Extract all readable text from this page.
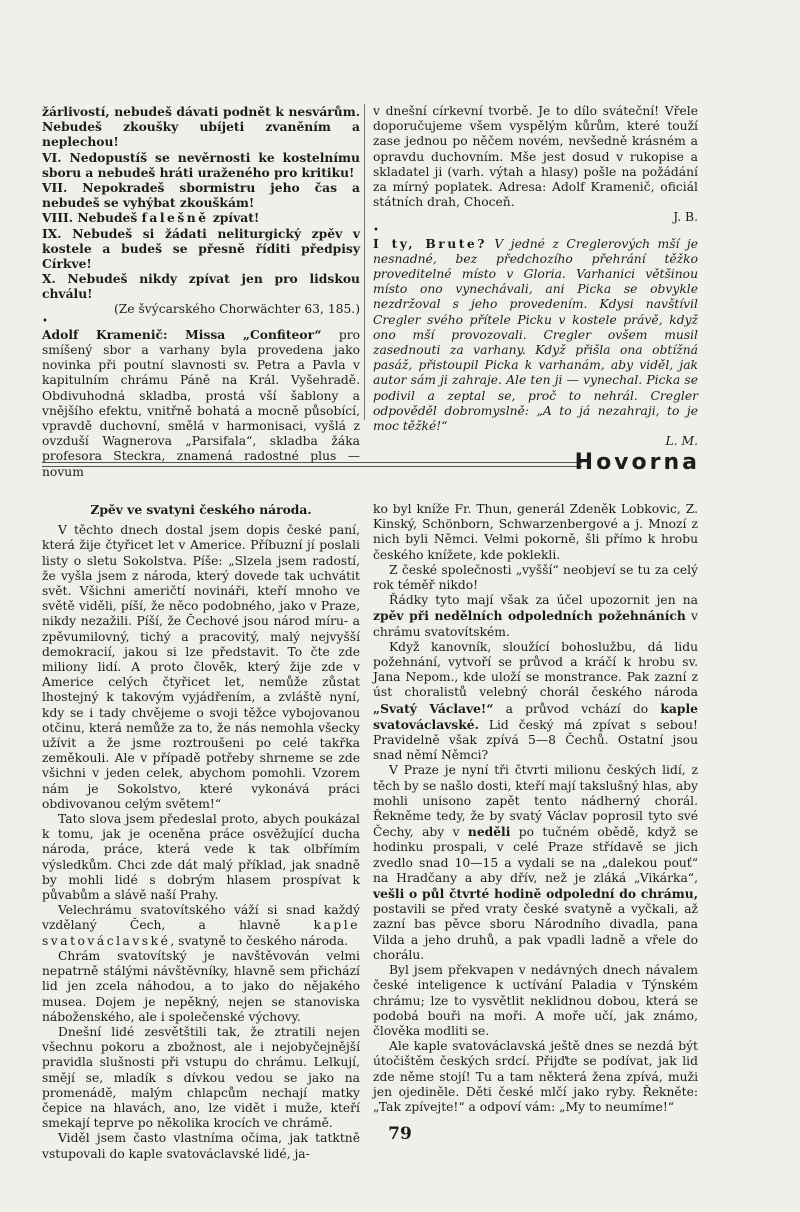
žárlivostí, nebudeš dávati podnět k nesvárům. Nebudeš zkoušky ubíjeti zvaněním a neplechou!

VI. Nedopustíš se nevěrnosti ke kostelnímu sboru a nebudeš hráti uraženého pro kritiku!

VII. Nepokradeš sbormistru jeho čas a nebudeš se vyhýbat zkouškám!

VIII. Nebudeš falešně zpívat!

IX. Nebudeš si žádati neliturgický zpěv v kostele a budeš se přesně říditi předpisy Církve!

X. Nebudeš nikdy zpívat jen pro lidskou chválu!

(Ze švýcarského Chorwächter 63, 185.)

•

Adolf Kramenič: Missa „Confiteor“ pro smíšený sbor a varhany byla provedena jako novinka při poutní slavnosti sv. Petra a Pavla v kapitulním chrámu Páně na Král. Vyšehradě. Obdivuhodná skladba, prostá vší šablony a vnějšího efektu, vnitřně bohatá a mocně působící, vpravdě duchovní, smělá v harmonisaci, vyšlá z ovzduší Wagnerova „Parsifala“, skladba žáka profesora Steckra, znamená radostné plus — novum

v dnešní církevní tvorbě. Je to dílo sváteční! Vřele doporučujeme všem vyspělým kůrům, které touží zase jednou po něčem novém, nevšedně krásném a opravdu duchovním. Mše jest dosud v rukopise a skladatel ji (varh. výtah a hlasy) pošle na požádání za mírný poplatek. Adresa: Adolf Kramenič, oficiál státních drah, Choceň.

J. B.

•

I ty, Brute? V jedné z Creglerových mší je nesnadné, bez předchozího přehrání těžko proveditelné místo v Gloria. Varhanici většinou místo ono vynechávali, ani Picka se obvykle nezdržoval s jeho provedením. Kdysi navštívil Cregler svého přítele Picku v kostele právě, když ono mší provozovali. Cregler ovšem musil zasednouti za varhany. Když přišla ona obtížná pasáž, přistoupil Picka k varhanám, aby viděl, jak autor sám ji zahraje. Ale ten ji — vynechal. Picka se podivil a zeptal se, proč to nehrál. Cregler odpověděl dobromyslně: „A to já nezahraji, to je moc těžké!“

L. M.

Hovorna

Zpěv ve svatyni českého národa.

V těchto dnech dostal jsem dopis české paní, která žije čtyřicet let v Americe. Příbuzní jí poslali listy o sletu Sokolstva. Píše: „Slzela jsem radostí, že vyšla jsem z národa, který dovede tak uchvátit svět. Všichni američtí novináři, kteří mnoho ve světě viděli, píší, že něco podobného, jako v Praze, nikdy nezažili. Píší, že Čechové jsou národ míru- a zpěvumilovný, tichý a pracovitý, malý nejvyšší demokracií, jakou si lze představit. To čte zde miliony lidí. A proto člověk, který žije zde v Americe celých čtyřicet let, nemůže zůstat lhostejný k takovým vyjádřením, a zvláště nyní, kdy se i tady chvějeme o svoji těžce vybojovanou otčinu, která nemůže za to, že nás nemohla všecky užívit a že jsme roztroušeni po celé takřka zeměkouli. Ale v případě potřeby shrneme se zde všichni v jeden celek, abychom pomohli. Vzorem nám je Sokolstvo, které vykonává práci obdivovanou celým světem!“

Tato slova jsem předeslal proto, abych poukázal k tomu, jak je oceněna práce osvěžující ducha národa, práce, která vede k tak olbřímím výsledkům. Chci zde dát malý příklad, jak snadně by mohli lidé s dobrým hlasem prospívat k půvabům a slávě naší Prahy.

Velechrámu svatovítského váží si snad každý vzdělaný Čech, a hlavně	kaple svatováclavské, svatyně to českého národa.

Chrám svatovítský je navštěvován velmi nepatrně stálými návštěvníky, hlavně sem přichází lid jen zcela náhodou, a to jako do nějakého musea. Dojem je nepěkný, nejen se stanoviska náboženského, ale i společenské výchovy.

Dnešní lidé zesvětštili tak, že ztratili nejen všechnu pokoru a zbožnost, ale i nejobyčejnější pravidla slušnosti při vstupu do chrámu. Lelkují, smějí se, mladík s dívkou vedou se jako na promenádě, malým chlapcům nechají matky čepice na hlavách, ano, lze vidět i muže, kteří smekají teprve po několika krocích ve chrámě.

Viděl jsem často vlastníma očima, jak tatktně vstupovali do kaple svatováclavské lidé, ja-

ko byl kníže Fr. Thun, generál Zdeněk Lobkovic, Z. Kinský, Schönborn, Schwarzenbergové a j. Mnozí z nich byli Němci. Velmi pokorně, šli přímo k hrobu českého knížete, kde poklekli.

Z české společnosti „vyšší“ neobjeví se tu za celý rok téměř nikdo!

Řádky tyto mají však za účel upozornit jen na zpěv při nedělních odpoledních požehnáních v chrámu svatovítském.

Když kanovník, sloužící bohoslužbu, dá lidu požehnání, vytvoří se průvod a kráčí k hrobu sv. Jana Nepom., kde uloží se monstrance. Pak zazní z úst choralistů velebný chorál českého národa „Svatý Václave!“ a průvod vchází do kaple svatováclavské. Lid český má zpívat s sebou! Pravidelně však zpívá 5—8 Čechů. Ostatní jsou snad němí Němci?

V Praze je nyní tři čtvrti milionu českých lidí, z těch by se našlo dosti, kteří mají takslušný hlas, aby mohli unisono zapět tento nádherný chorál. Řekněme tedy, že by svatý Václav poprosil tyto své Čechy, aby v neděli po tučném obědě, když se hodinku prospali, v celé Praze střídavě se jich zvedlo snad 10—15 a vydali se na „dalekou pouť“ na Hradčany a aby dřív, než je zláká „Vikárka“, vešli o půl čtvrté hodině odpolední do chrámu, postavili se před vraty české svatyně a vyčkali, až zazní bas pěvce sboru Národního divadla, pana Vilda a jeho druhů, a pak vpadli ladně a vřele do chorálu.

Byl jsem překvapen v nedávných dnech návalem české inteligence k uctívání Paladia v Týnském chrámu; lze to vysvětlit neklidnou dobou, která se podobá bouři na moři. A moře učí, jak známo, člověka modliti se.

Ale kaple svatováclavská ještě dnes se nezdá být útočištěm českých srdcí. Přijďte se podívat, jak lid zde něme stojí! Tu a tam některá žena zpívá, muži jen ojediněle. Děti české mlčí jako ryby. Řekněte: „Tak zpívejte!“ a odpoví vám: „My to neumíme!“

79
